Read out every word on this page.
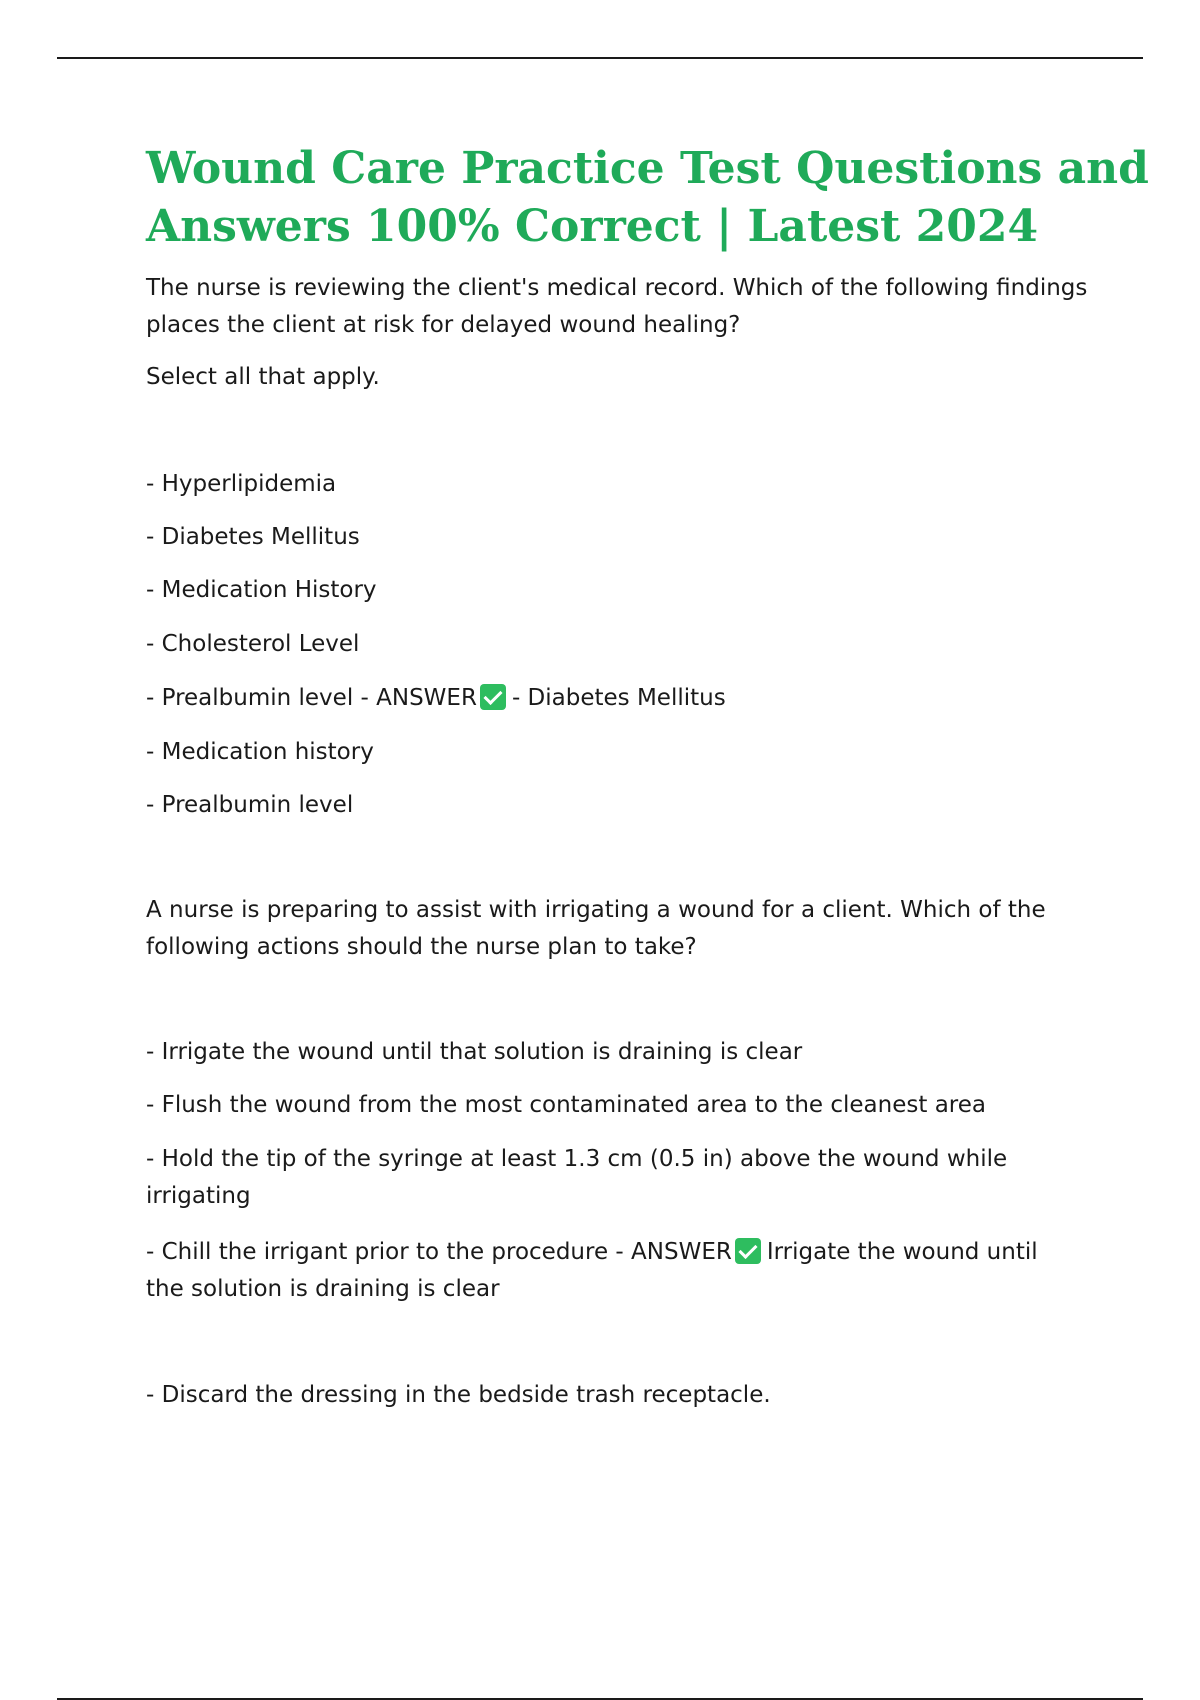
Wound Care Practice Test Questions and
Answers 100% Correct | Latest 2024

The nurse is reviewing the client's medical record. Which of the following findings

places the client at risk for delayed wound healing?

Select all that apply.

- Hyperlipidemia

- Diabetes Mellitus

- Medication History

- Cholesterol Level

- Prealbumin level - ANSWER - Diabetes Mellitus

- Medication history

- Prealbumin level

A nurse is preparing to assist with irrigating a wound for a client. Which of the

following actions should the nurse plan to take?

- Irrigate the wound until that solution is draining is clear

- Flush the wound from the most contaminated area to the cleanest area

- Hold the tip of the syringe at least 1.3 cm (0.5 in) above the wound while

irrigating

- Chill the irrigant prior to the procedure - ANSWER Irrigate the wound until

the solution is draining is clear

- Discard the dressing in the bedside trash receptacle.
